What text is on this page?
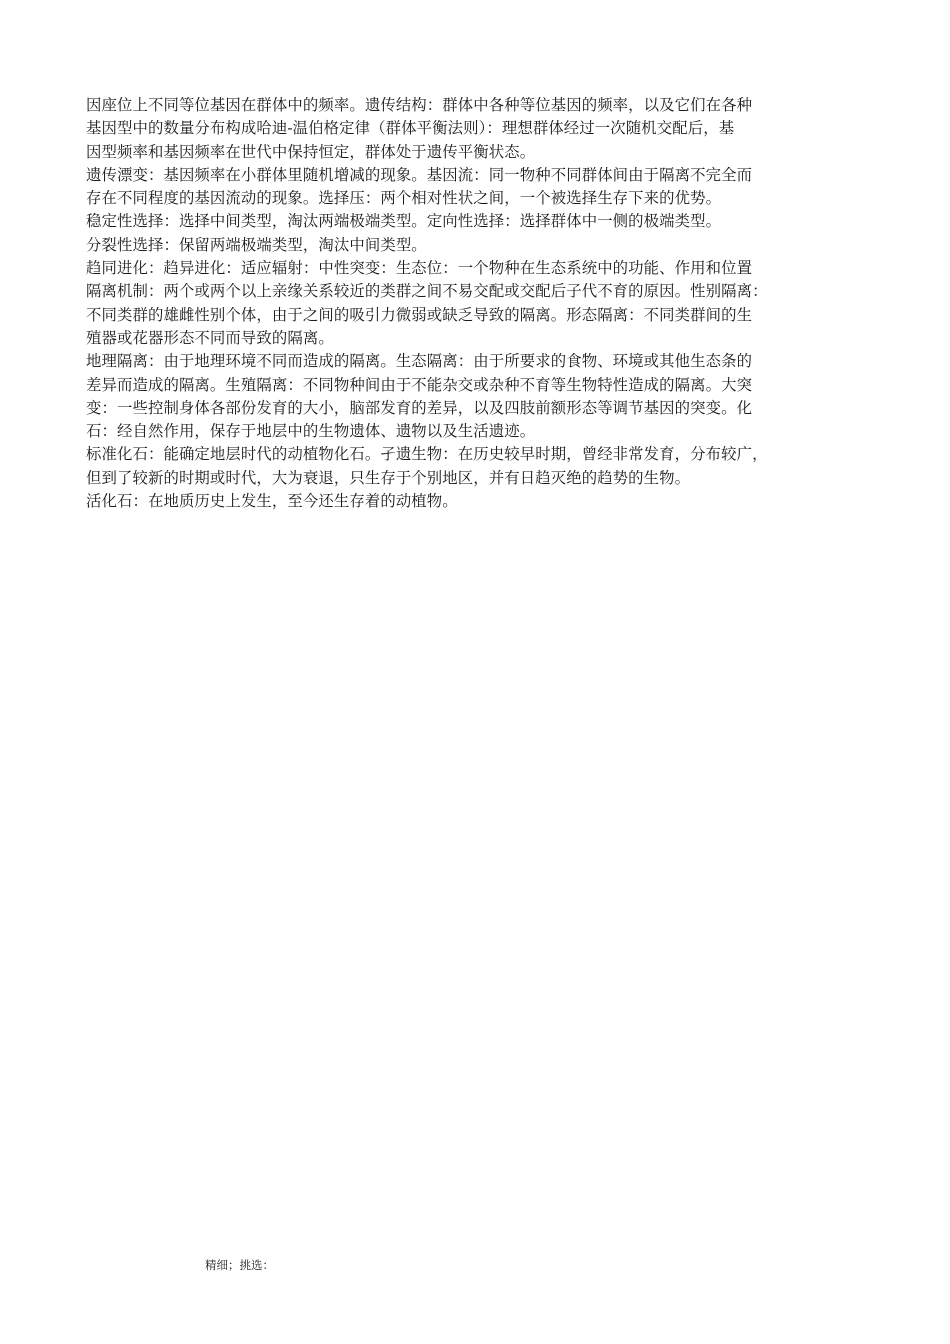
因座位上不同等位基因在群体中的频率。遗传结构：群体中各种等位基因的频率，以及它们在各种
基因型中的数量分布构成哈迪-温伯格定律（群体平衡法则）：理想群体经过一次随机交配后，基
因型频率和基因频率在世代中保持恒定，群体处于遗传平衡状态。

遗传漂变：基因频率在小群体里随机增减的现象。基因流：同一物种不同群体间由于隔离不完全而
存在不同程度的基因流动的现象。选择压：两个相对性状之间，一个被选择生存下来的优势。

稳定性选择：选择中间类型，淘汰两端极端类型。定向性选择：选择群体中一侧的极端类型。

分裂性选择：保留两端极端类型，淘汰中间类型。

趋同进化：趋异进化：适应辐射：中性突变：生态位：一个物种在生态系统中的功能、作用和位置
隔离机制：两个或两个以上亲缘关系较近的类群之间不易交配或交配后子代不育的原因。性别隔离：
不同类群的雄雌性别个体，由于之间的吸引力微弱或缺乏导致的隔离。形态隔离：不同类群间的生
殖器或花器形态不同而导致的隔离。

地理隔离：由于地理环境不同而造成的隔离。生态隔离：由于所要求的食物、环境或其他生态条的
差异而造成的隔离。生殖隔离：不同物种间由于不能杂交或杂种不育等生物特性造成的隔离。大突
变：一些控制身体各部份发育的大小，脑部发育的差异，以及四肢前额形态等调节基因的突变。化
石：经自然作用，保存于地层中的生物遗体、遗物以及生活遗迹。

标准化石：能确定地层时代的动植物化石。孑遗生物：在历史较早时期，曾经非常发育，分布较广，
但到了较新的时期或时代，大为衰退，只生存于个别地区，并有日趋灭绝的趋势的生物。

活化石：在地质历史上发生，至今还生存着的动植物。

精细；挑选：
